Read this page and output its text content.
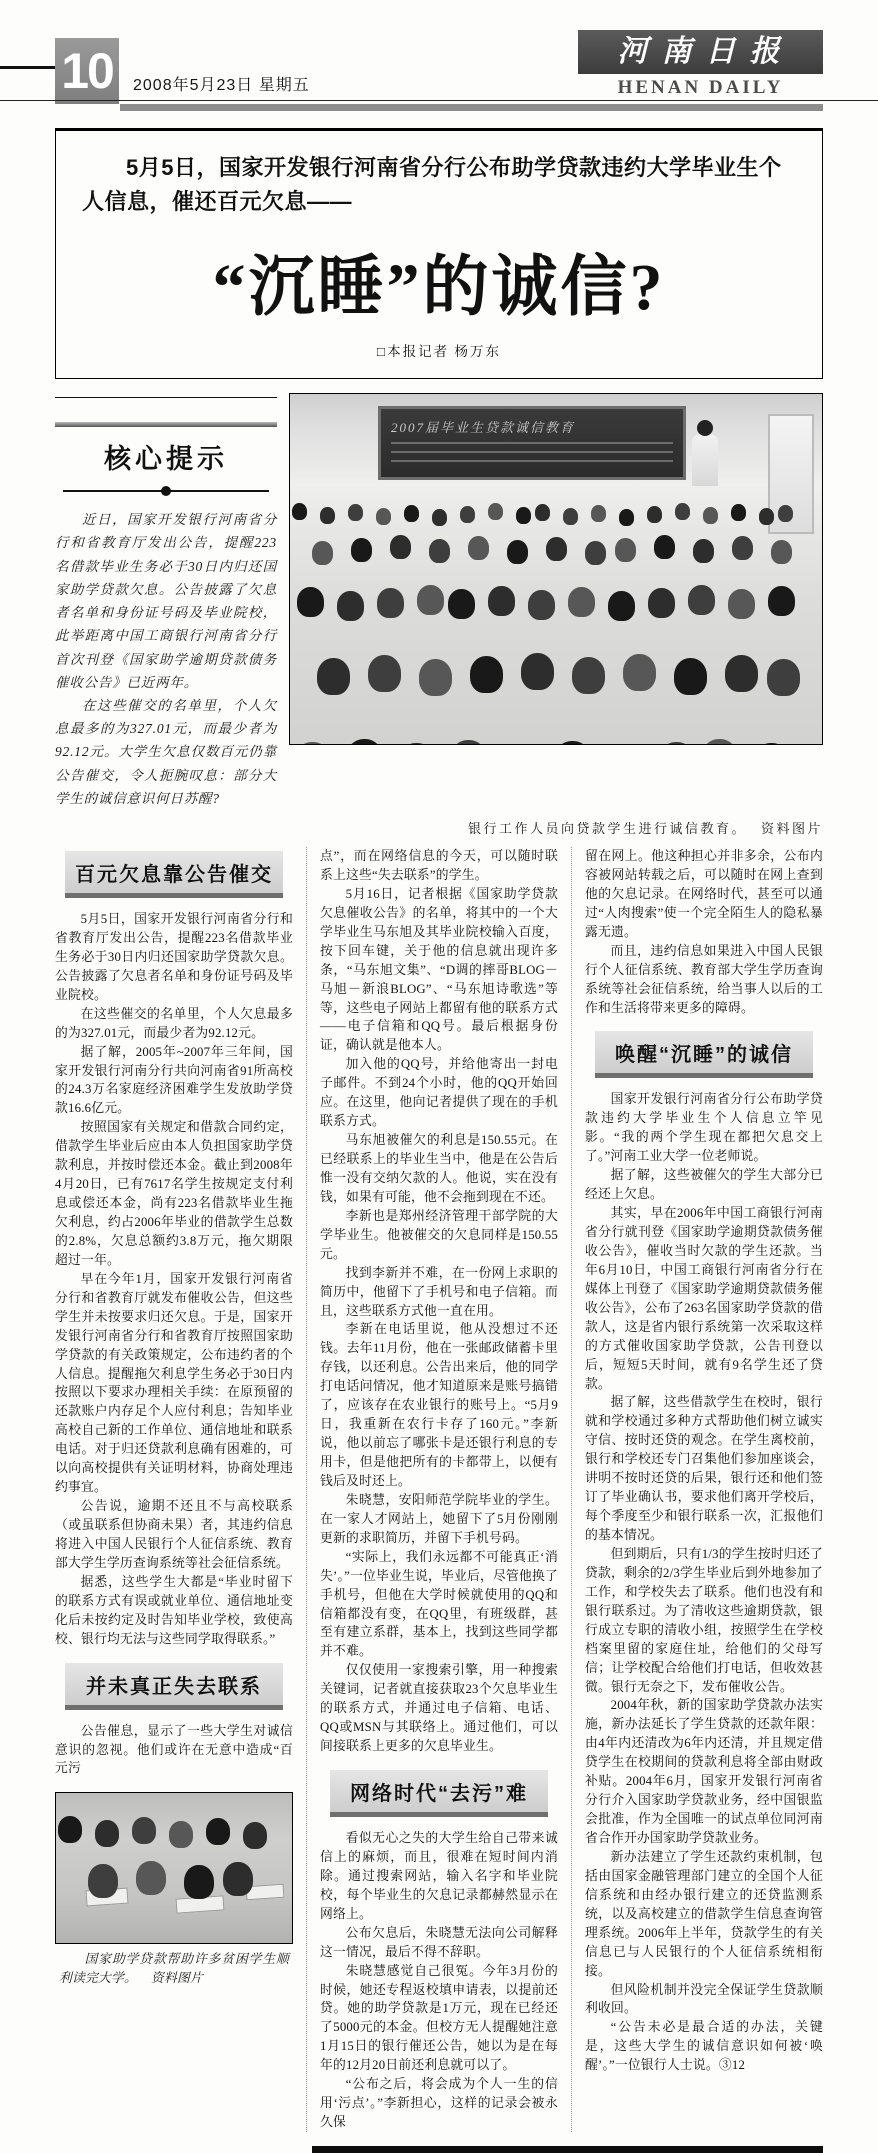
10	2008年5月23日 星期五
河南日报
HENAN DAILY

5月5日，国家开发银行河南省分行公布助学贷款违约大学毕业生个人信息，催还百元欠息——

“沉睡”的诚信?

□本报记者 杨万东

核心提示

近日，国家开发银行河南省分行和省教育厅发出公告，提醒223名借款毕业生务必于30日内归还国家助学贷款欠息。公告披露了欠息者名单和身份证号码及毕业院校，此举距离中国工商银行河南省分行首次刊登《国家助学逾期贷款债务催收公告》已近两年。

在这些催交的名单里，个人欠息最多的为327.01元，而最少者为92.12元。大学生欠息仅数百元仍靠公告催交，令人扼腕叹息：部分大学生的诚信意识何日苏醒?

2007届毕业生贷款诚信教育

银行工作人员向贷款学生进行诚信教育。 资料图片

百元欠息靠公告催交

5月5日，国家开发银行河南省分行和省教育厅发出公告，提醒223名借款毕业生务必于30日内归还国家助学贷款欠息。公告披露了欠息者名单和身份证号码及毕业院校。

在这些催交的名单里，个人欠息最多的为327.01元，而最少者为92.12元。

据了解，2005年~2007年三年间，国家开发银行河南分行共向河南省91所高校的24.3万名家庭经济困难学生发放助学贷款16.6亿元。

按照国家有关规定和借款合同约定，借款学生毕业后应由本人负担国家助学贷款利息，并按时偿还本金。截止到2008年4月20日，已有7617名学生按规定支付利息或偿还本金，尚有223名借款毕业生拖欠利息，约占2006年毕业的借款学生总数的2.8%，欠息总额约3.8万元，拖欠期限超过一年。

早在今年1月，国家开发银行河南省分行和省教育厅就发布催收公告，但这些学生并未按要求归还欠息。于是，国家开发银行河南省分行和省教育厅按照国家助学贷款的有关政策规定，公布违约者的个人信息。提醒拖欠利息学生务必于30日内按照以下要求办理相关手续：在原预留的还款账户内存足个人应付利息；告知毕业高校自己新的工作单位、通信地址和联系电话。对于归还贷款利息确有困难的，可以向高校提供有关证明材料，协商处理违约事宜。

公告说，逾期不还且不与高校联系（或虽联系但协商未果）者，其违约信息将进入中国人民银行个人征信系统、教育部大学生学历查询系统等社会征信系统。

据悉，这些学生大都是“毕业时留下的联系方式有误或就业单位、通信地址变化后未按约定及时告知毕业学校，致使高校、银行均无法与这些同学取得联系。”

并未真正失去联系

公告催息，显示了一些大学生对诚信意识的忽视。他们或许在无意中造成“百元污

国家助学贷款帮助许多贫困学生顺利读完大学。 资料图片

点”，而在网络信息的今天，可以随时联系上这些“失去联系”的学生。

5月16日，记者根据《国家助学贷款欠息催收公告》的名单，将其中的一个大学毕业生马东旭及其毕业院校输入百度，按下回车键，关于他的信息就出现许多条，“马东旭文集”、“D调的摔哥BLOG－马旭－新浪BLOG”、“马东旭诗歌选”等等，这些电子网站上都留有他的联系方式——电子信箱和QQ号。最后根据身份证，确认就是他本人。

加入他的QQ号，并给他寄出一封电子邮件。不到24个小时，他的QQ开始回应。在这里，他向记者提供了现在的手机联系方式。

马东旭被催欠的利息是150.55元。在已经联系上的毕业生当中，他是在公告后惟一没有交纳欠款的人。他说，实在没有钱，如果有可能，他不会拖到现在不还。

李新也是郑州经济管理干部学院的大学毕业生。他被催交的欠息同样是150.55元。

找到李新并不难，在一份网上求职的简历中，他留下了手机号和电子信箱。而且，这些联系方式他一直在用。

李新在电话里说，他从没想过不还钱。去年11月份，他在一张邮政储蓄卡里存钱，以还利息。公告出来后，他的同学打电话问情况，他才知道原来是账号搞错了，应该存在农业银行的账号上。“5月9日，我重新在农行卡存了160元。”李新说，他以前忘了哪张卡是还银行利息的专用卡，但是他把所有的卡都带上，以便有钱后及时还上。

朱晓慧，安阳师范学院毕业的学生。在一家人才网站上，她留下了5月份刚刚更新的求职简历，并留下手机号码。

“实际上，我们永远都不可能真正‘消失’。”一位毕业生说，毕业后，尽管他换了手机号，但他在大学时候就使用的QQ和信箱都没有变，在QQ里，有班级群，甚至有建立系群，基本上，找到这些同学都并不难。

仅仅使用一家搜索引擎，用一种搜索关键词，记者就直接获取23个欠息毕业生的联系方式，并通过电子信箱、电话、QQ或MSN与其联络上。通过他们，可以间接联系上更多的欠息毕业生。

网络时代“去污”难

看似无心之失的大学生给自己带来诚信上的麻烦，而且，很难在短时间内消除。通过搜索网站，输入名字和毕业院校，每个毕业生的欠息记录都赫然显示在网络上。

公布欠息后，朱晓慧无法向公司解释这一情况，最后不得不辞职。

朱晓慧感觉自己很冤。今年3月份的时候，她还专程返校填申请表，以提前还贷。她的助学贷款是1万元，现在已经还了5000元的本金。但校方无人提醒她注意1月15日的银行催还公告，她以为是在每年的12月20日前还利息就可以了。

“公布之后，将会成为个人一生的信用‘污点’。”李新担心，这样的记录会被永久保

留在网上。他这种担心并非多余，公布内容被网站转载之后，可以随时在网上查到他的欠息记录。在网络时代，甚至可以通过“人肉搜索”使一个完全陌生人的隐私暴露无遗。

而且，违约信息如果进入中国人民银行个人征信系统、教育部大学生学历查询系统等社会征信系统，给当事人以后的工作和生活将带来更多的障碍。

唤醒“沉睡”的诚信

国家开发银行河南省分行公布助学贷款违约大学毕业生个人信息立竿见影。“我的两个学生现在都把欠息交上了。”河南工业大学一位老师说。

据了解，这些被催欠的学生大部分已经还上欠息。

其实，早在2006年中国工商银行河南省分行就刊登《国家助学逾期贷款债务催收公告》，催收当时欠款的学生还款。当年6月10日，中国工商银行河南省分行在媒体上刊登了《国家助学逾期贷款债务催收公告》，公布了263名国家助学贷款的借款人，这是省内银行系统第一次采取这样的方式催收国家助学贷款，公告刊登以后，短短5天时间，就有9名学生还了贷款。

据了解，这些借款学生在校时，银行就和学校通过多种方式帮助他们树立诚实守信、按时还贷的观念。在学生离校前，银行和学校还专门召集他们参加座谈会，讲明不按时还贷的后果，银行还和他们签订了毕业确认书，要求他们离开学校后，每个季度至少和银行联系一次，汇报他们的基本情况。

但到期后，只有1/3的学生按时归还了贷款，剩余的2/3学生毕业后到外地参加了工作，和学校失去了联系。他们也没有和银行联系过。为了清收这些逾期贷款，银行成立专职的清收小组，按照学生在学校档案里留的家庭住址，给他们的父母写信；让学校配合给他们打电话，但收效甚微。银行无奈之下，发布催收公告。

2004年秋，新的国家助学贷款办法实施，新办法延长了学生贷款的还款年限：由4年内还清改为6年内还清，并且规定借贷学生在校期间的贷款利息将全部由财政补贴。2004年6月，国家开发银行河南省分行介入国家助学贷款业务，经中国银监会批准，作为全国唯一的试点单位同河南省合作开办国家助学贷款业务。

新办法建立了学生还款约束机制，包括由国家金融管理部门建立的全国个人征信系统和由经办银行建立的还贷监测系统，以及高校建立的借款学生信息查询管理系统。2006年上半年，贷款学生的有关信息已与人民银行的个人征信系统相衔接。

但风险机制并没完全保证学生贷款顺利收回。

“公告未必是最合适的办法，关键是，这些大学生的诚信意识如何被‘唤醒’。”一位银行人士说。③12
